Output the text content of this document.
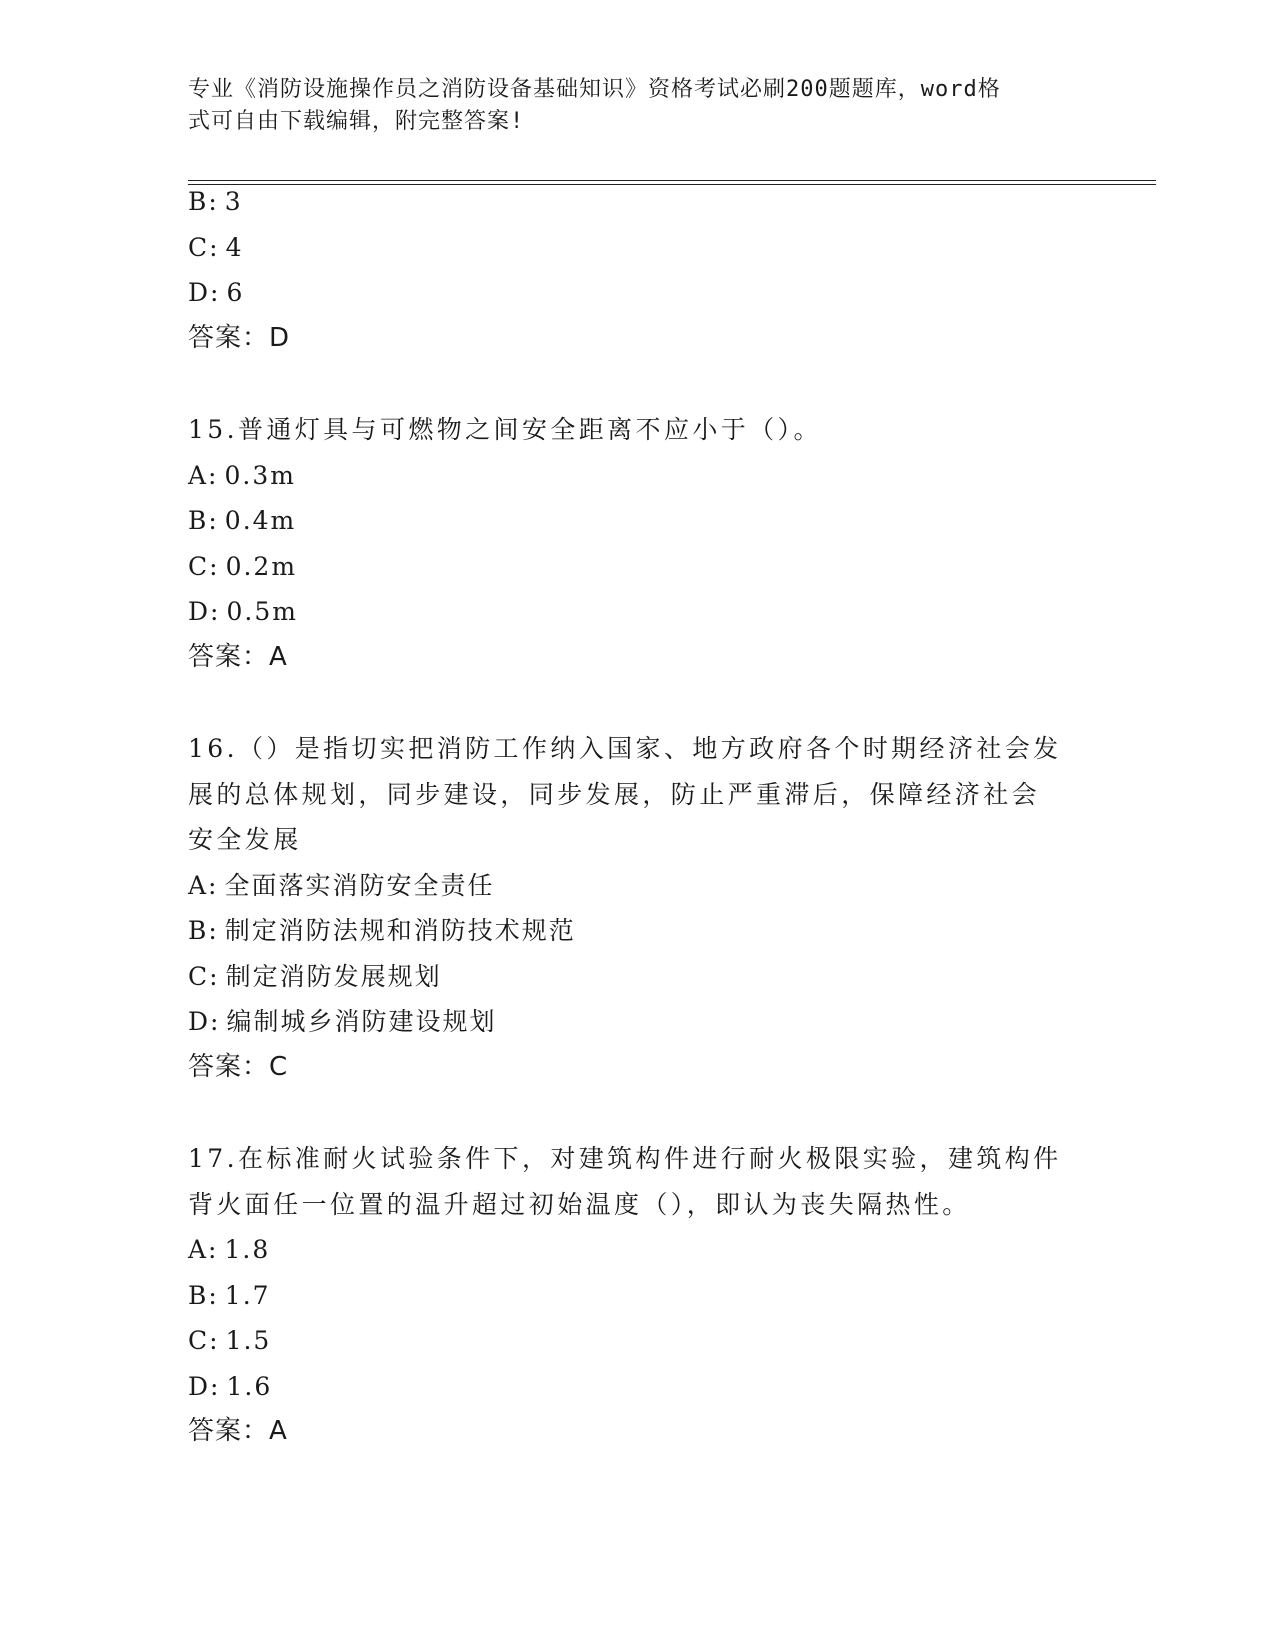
专业《消防设施操作员之消防设备基础知识》资格考试必刷200题题库，word格
式可自由下载编辑，附完整答案!
B: 3
C: 4
D: 6
答案：D
15.普通灯具与可燃物之间安全距离不应小于（）。
A: 0.3m
B: 0.4m
C: 0.2m
D: 0.5m
答案：A
16.（）是指切实把消防工作纳入国家、地方政府各个时期经济社会发展的总体规划，同步建设，同步发展，防止严重滞后，保障经济社会安全发展
A: 全面落实消防安全责任
B: 制定消防法规和消防技术规范
C: 制定消防发展规划
D: 编制城乡消防建设规划
答案：C
17.在标准耐火试验条件下，对建筑构件进行耐火极限实验，建筑构件背火面任一位置的温升超过初始温度（），即认为丧失隔热性。
A: 1.8
B: 1.7
C: 1.5
D: 1.6
答案：A
